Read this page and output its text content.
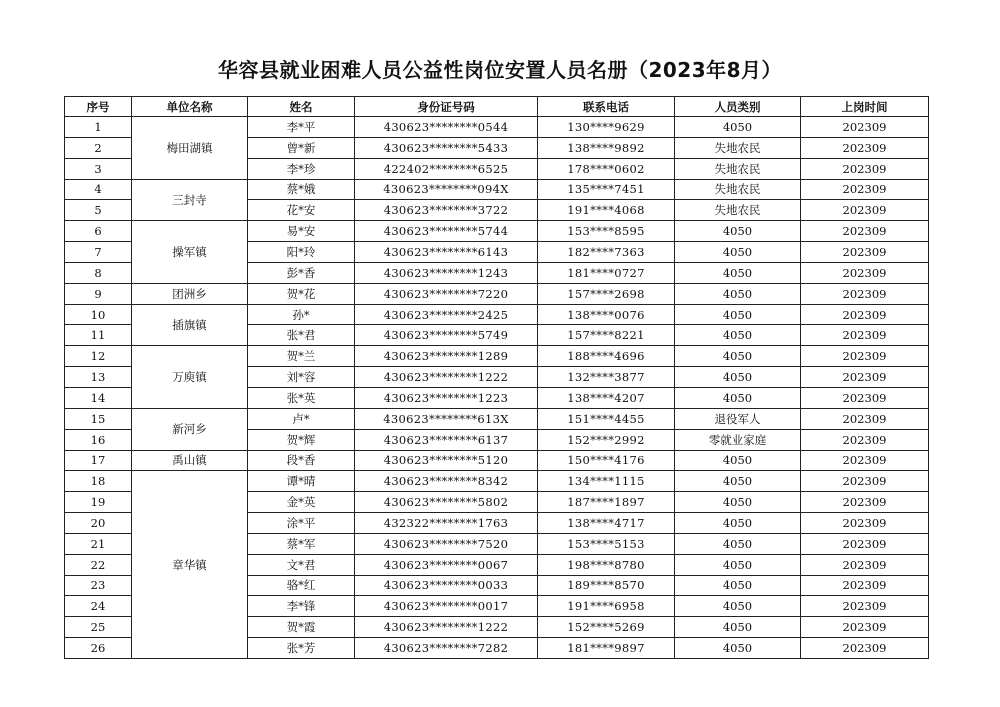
华容县就业困难人员公益性岗位安置人员名册（2023年8月）
序号	单位名称	姓名	身份证号码	联系电话	人员类别	上岗时间
1	梅田湖镇	李*平	430623********0544	130****9629	4050	202309
2		曾*新	430623********5433	138****9892	失地农民	202309
3		李*珍	422402********6525	178****0602	失地农民	202309
4	三封寺	蔡*娥	430623********094X	135****7451	失地农民	202309
5		花*安	430623********3722	191****4068	失地农民	202309
6	操军镇	易*安	430623********5744	153****8595	4050	202309
7		阳*玲	430623********6143	182****7363	4050	202309
8		彭*香	430623********1243	181****0727	4050	202309
9	团洲乡	贺*花	430623********7220	157****2698	4050	202309
10	插旗镇	孙*	430623********2425	138****0076	4050	202309
11		张*君	430623********5749	157****8221	4050	202309
12	万庾镇	贺*兰	430623********1289	188****4696	4050	202309
13		刘*容	430623********1222	132****3877	4050	202309
14		张*英	430623********1223	138****4207	4050	202309
15	新河乡	卢*	430623********613X	151****4455	退役军人	202309
16		贺*辉	430623********6137	152****2992	零就业家庭	202309
17	禹山镇	段*香	430623********5120	150****4176	4050	202309
18	章华镇	谭*晴	430623********8342	134****1115	4050	202309
19		金*英	430623********5802	187****1897	4050	202309
20		涂*平	432322********1763	138****4717	4050	202309
21		蔡*军	430623********7520	153****5153	4050	202309
22		文*君	430623********0067	198****8780	4050	202309
23		骆*红	430623********0033	189****8570	4050	202309
24		李*锋	430623********0017	191****6958	4050	202309
25		贺*霞	430623********1222	152****5269	4050	202309
26		张*芳	430623********7282	181****9897	4050	202309
